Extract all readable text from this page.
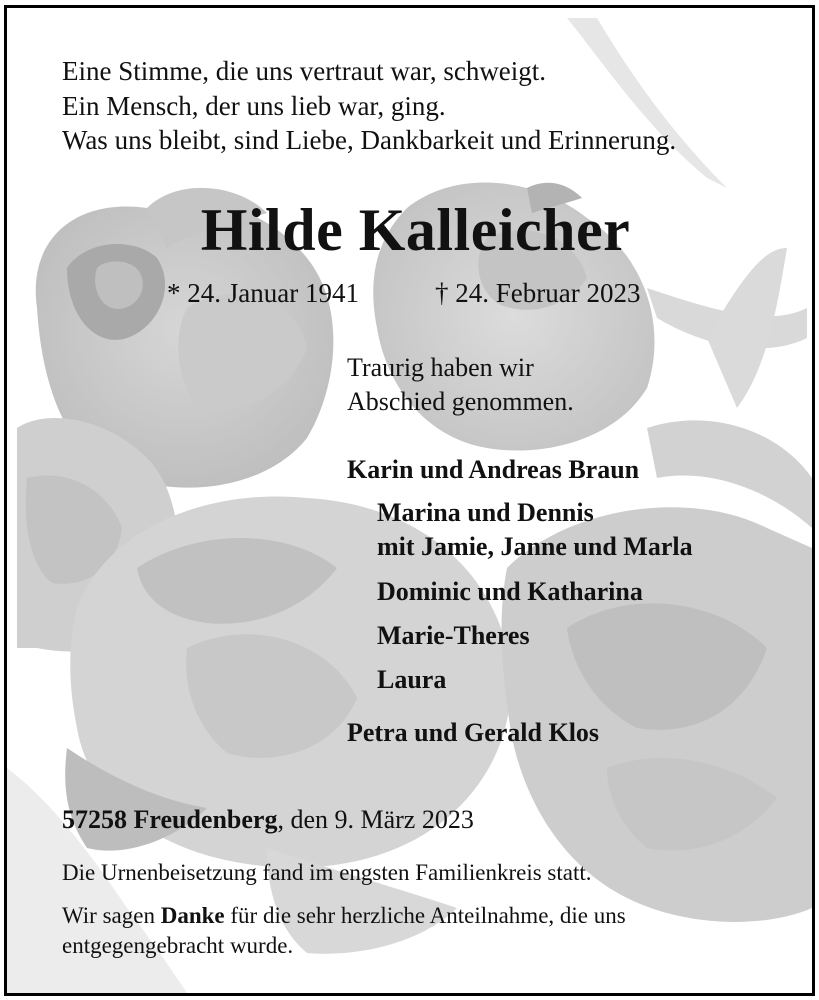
Eine Stimme, die uns vertraut war, schweigt.
Ein Mensch, der uns lieb war, ging.
Was uns bleibt, sind Liebe, Dankbarkeit und Erinnerung.
Hilde Kalleicher
* 24. Januar 1941	† 24. Februar 2023
Traurig haben wir
Abschied genommen.
Karin und Andreas Braun
Marina und Dennis
mit Jamie, Janne und Marla
Dominic und Katharina
Marie-Theres
Laura
Petra und Gerald Klos
57258 Freudenberg, den 9. März 2023
Die Urnenbeisetzung fand im engsten Familienkreis statt.
Wir sagen Danke für die sehr herzliche Anteilnahme, die uns
entgegengebracht wurde.
